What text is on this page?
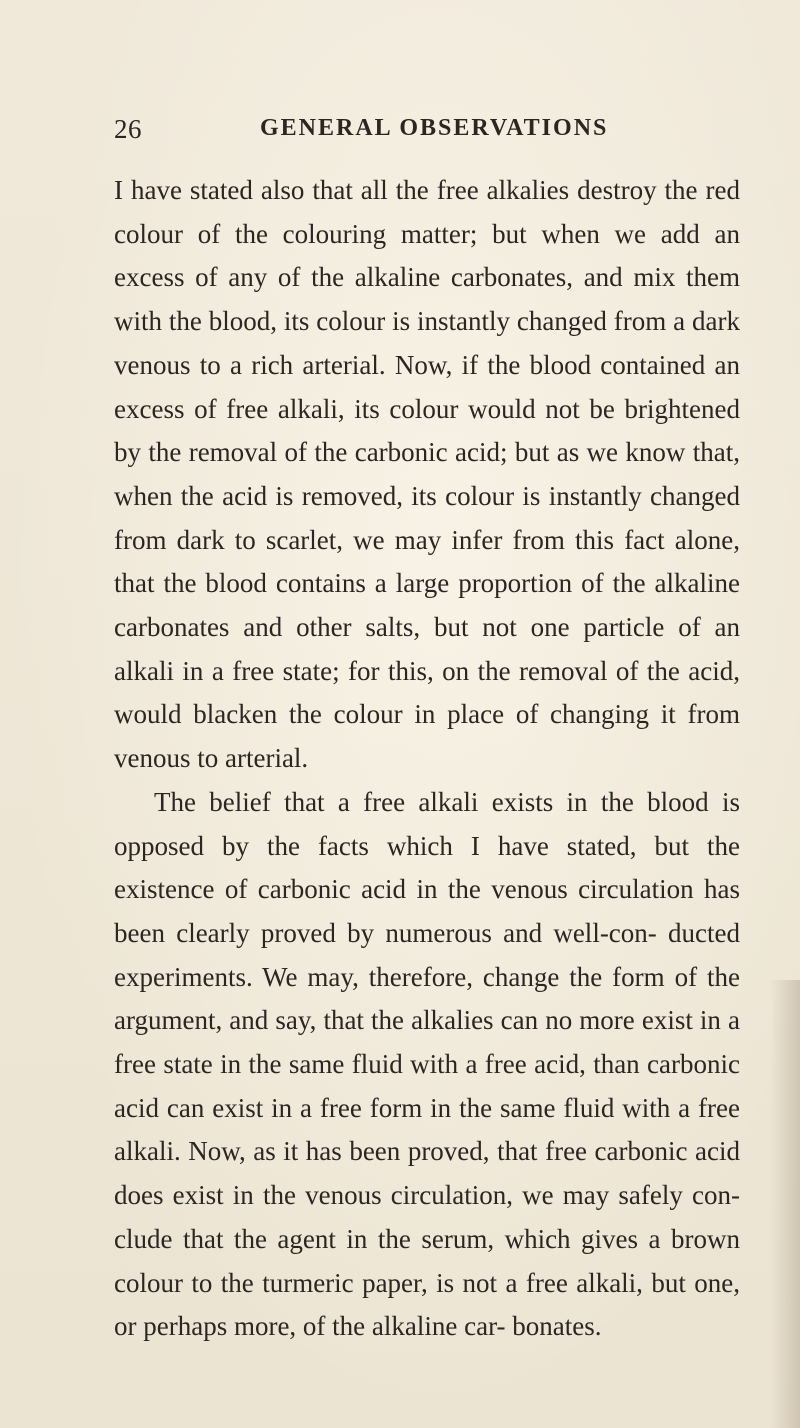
26	GENERAL OBSERVATIONS

I have stated also that all the free alkalies destroy the red colour of the colouring matter; but when we add an excess of any of the alkaline carbonates, and mix them with the blood, its colour is instantly changed from a dark venous to a rich arterial. Now, if the blood contained an excess of free alkali, its colour would not be brightened by the removal of the carbonic acid; but as we know that, when the acid is removed, its colour is instantly changed from dark to scarlet, we may infer from this fact alone, that the blood contains a large proportion of the alkaline carbonates and other salts, but not one particle of an alkali in a free state; for this, on the removal of the acid, would blacken the colour in place of changing it from venous to arterial.

The belief that a free alkali exists in the blood is opposed by the facts which I have stated, but the existence of carbonic acid in the venous circulation has been clearly proved by numerous and well-con- ducted experiments. We may, therefore, change the form of the argument, and say, that the alkalies can no more exist in a free state in the same fluid with a free acid, than carbonic acid can exist in a free form in the same fluid with a free alkali. Now, as it has been proved, that free carbonic acid does exist in the venous circulation, we may safely con- clude that the agent in the serum, which gives a brown colour to the turmeric paper, is not a free alkali, but one, or perhaps more, of the alkaline car- bonates.
